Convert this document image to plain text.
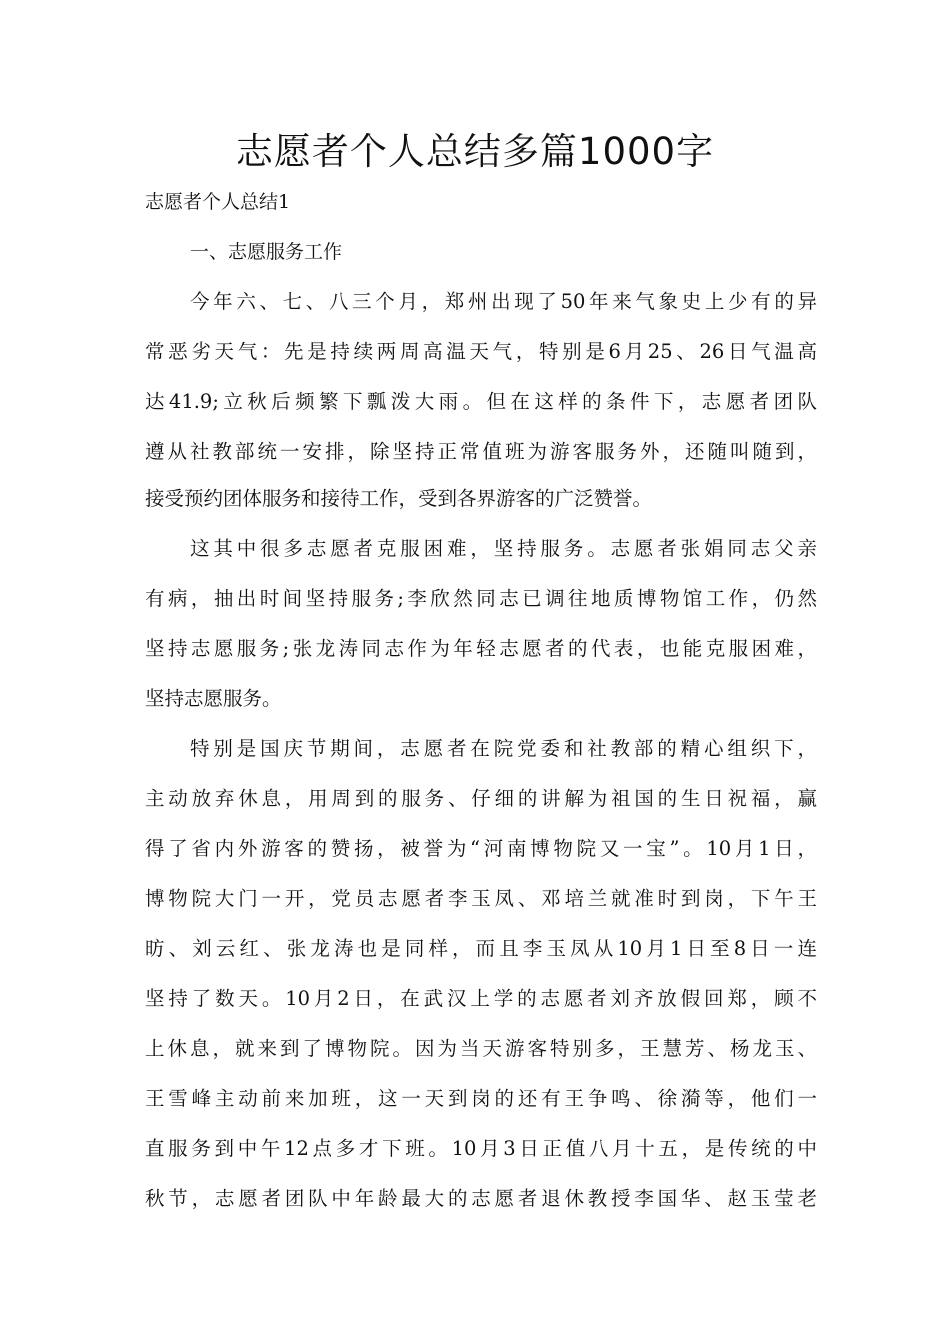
志愿者个人总结多篇1000字

志愿者个人总结1

一、志愿服务工作

今年六、七、八三个月，郑州出现了50年来气象史上少有的异

常恶劣天气：先是持续两周高温天气，特别是6月25、26日气温高

达41.9;立秋后频繁下瓢泼大雨。但在这样的条件下，志愿者团队

遵从社教部统一安排，除坚持正常值班为游客服务外，还随叫随到，

接受预约团体服务和接待工作，受到各界游客的广泛赞誉。

这其中很多志愿者克服困难，坚持服务。志愿者张娟同志父亲

有病，抽出时间坚持服务;李欣然同志已调往地质博物馆工作，仍然

坚持志愿服务;张龙涛同志作为年轻志愿者的代表，也能克服困难，

坚持志愿服务。

特别是国庆节期间，志愿者在院党委和社教部的精心组织下，

主动放弃休息，用周到的服务、仔细的讲解为祖国的生日祝福，赢

得了省内外游客的赞扬，被誉为“河南博物院又一宝”。10月1日，

博物院大门一开，党员志愿者李玉凤、邓培兰就准时到岗，下午王

昉、刘云红、张龙涛也是同样，而且李玉凤从10月1日至8日一连

坚持了数天。10月2日，在武汉上学的志愿者刘齐放假回郑，顾不

上休息，就来到了博物院。因为当天游客特别多，王慧芳、杨龙玉、

王雪峰主动前来加班，这一天到岗的还有王争鸣、徐漪等，他们一

直服务到中午12点多才下班。10月3日正值八月十五，是传统的中

秋节，志愿者团队中年龄最大的志愿者退休教授李国华、赵玉莹老
